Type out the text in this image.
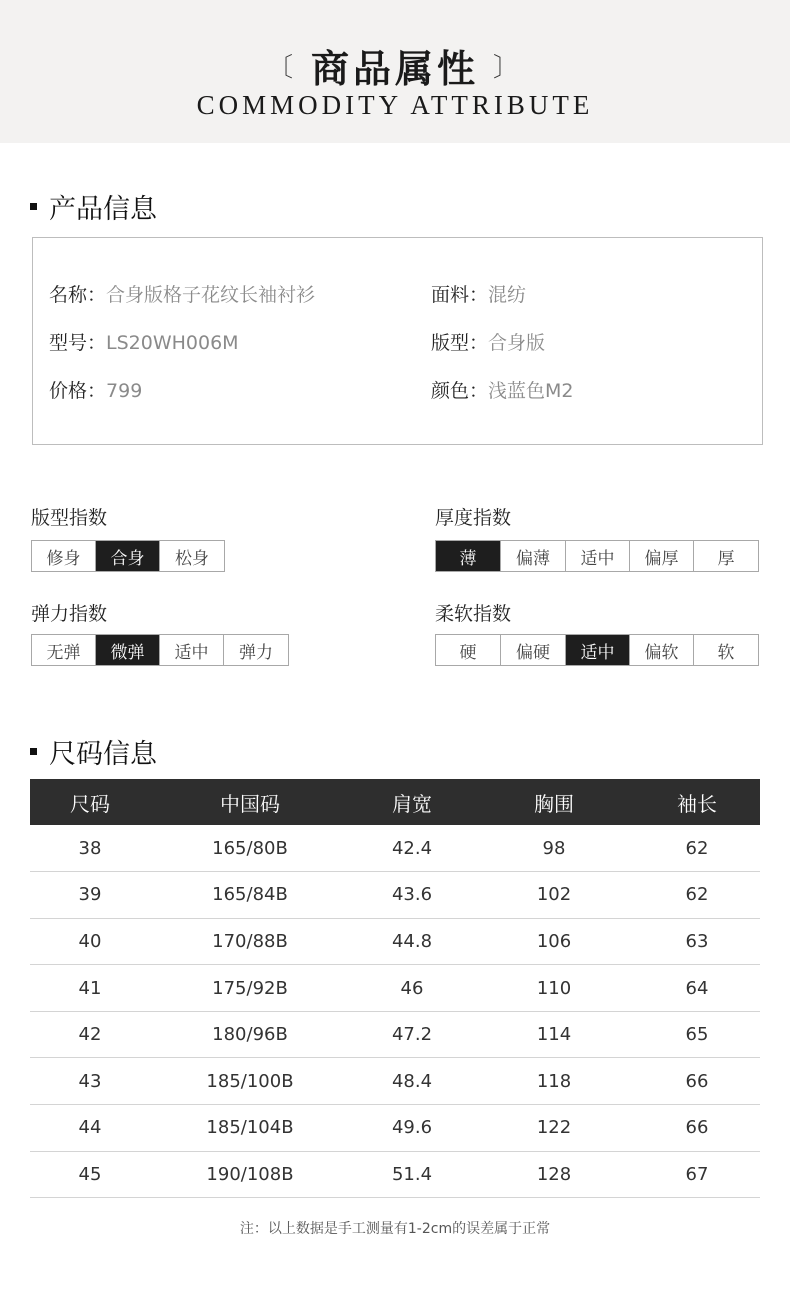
〔 商品属性 〕
COMMODITY ATTRIBUTE
产品信息
名称：合身版格子花纹长袖衬衫	面料：混纺
型号：LS20WH006M	版型：合身版
价格：799	颜色：浅蓝色M2
版型指数
修身	合身	松身
厚度指数
薄	偏薄	适中	偏厚	厚
弹力指数
无弹	微弹	适中	弹力
柔软指数
硬	偏硬	适中	偏软	软
尺码信息
尺码	中国码	肩宽	胸围	袖长
38	165/80B	42.4	98	62
39	165/84B	43.6	102	62
40	170/88B	44.8	106	63
41	175/92B	46	110	64
42	180/96B	47.2	114	65
43	185/100B	48.4	118	66
44	185/104B	49.6	122	66
45	190/108B	51.4	128	67
注：以上数据是手工测量有1-2cm的误差属于正常
